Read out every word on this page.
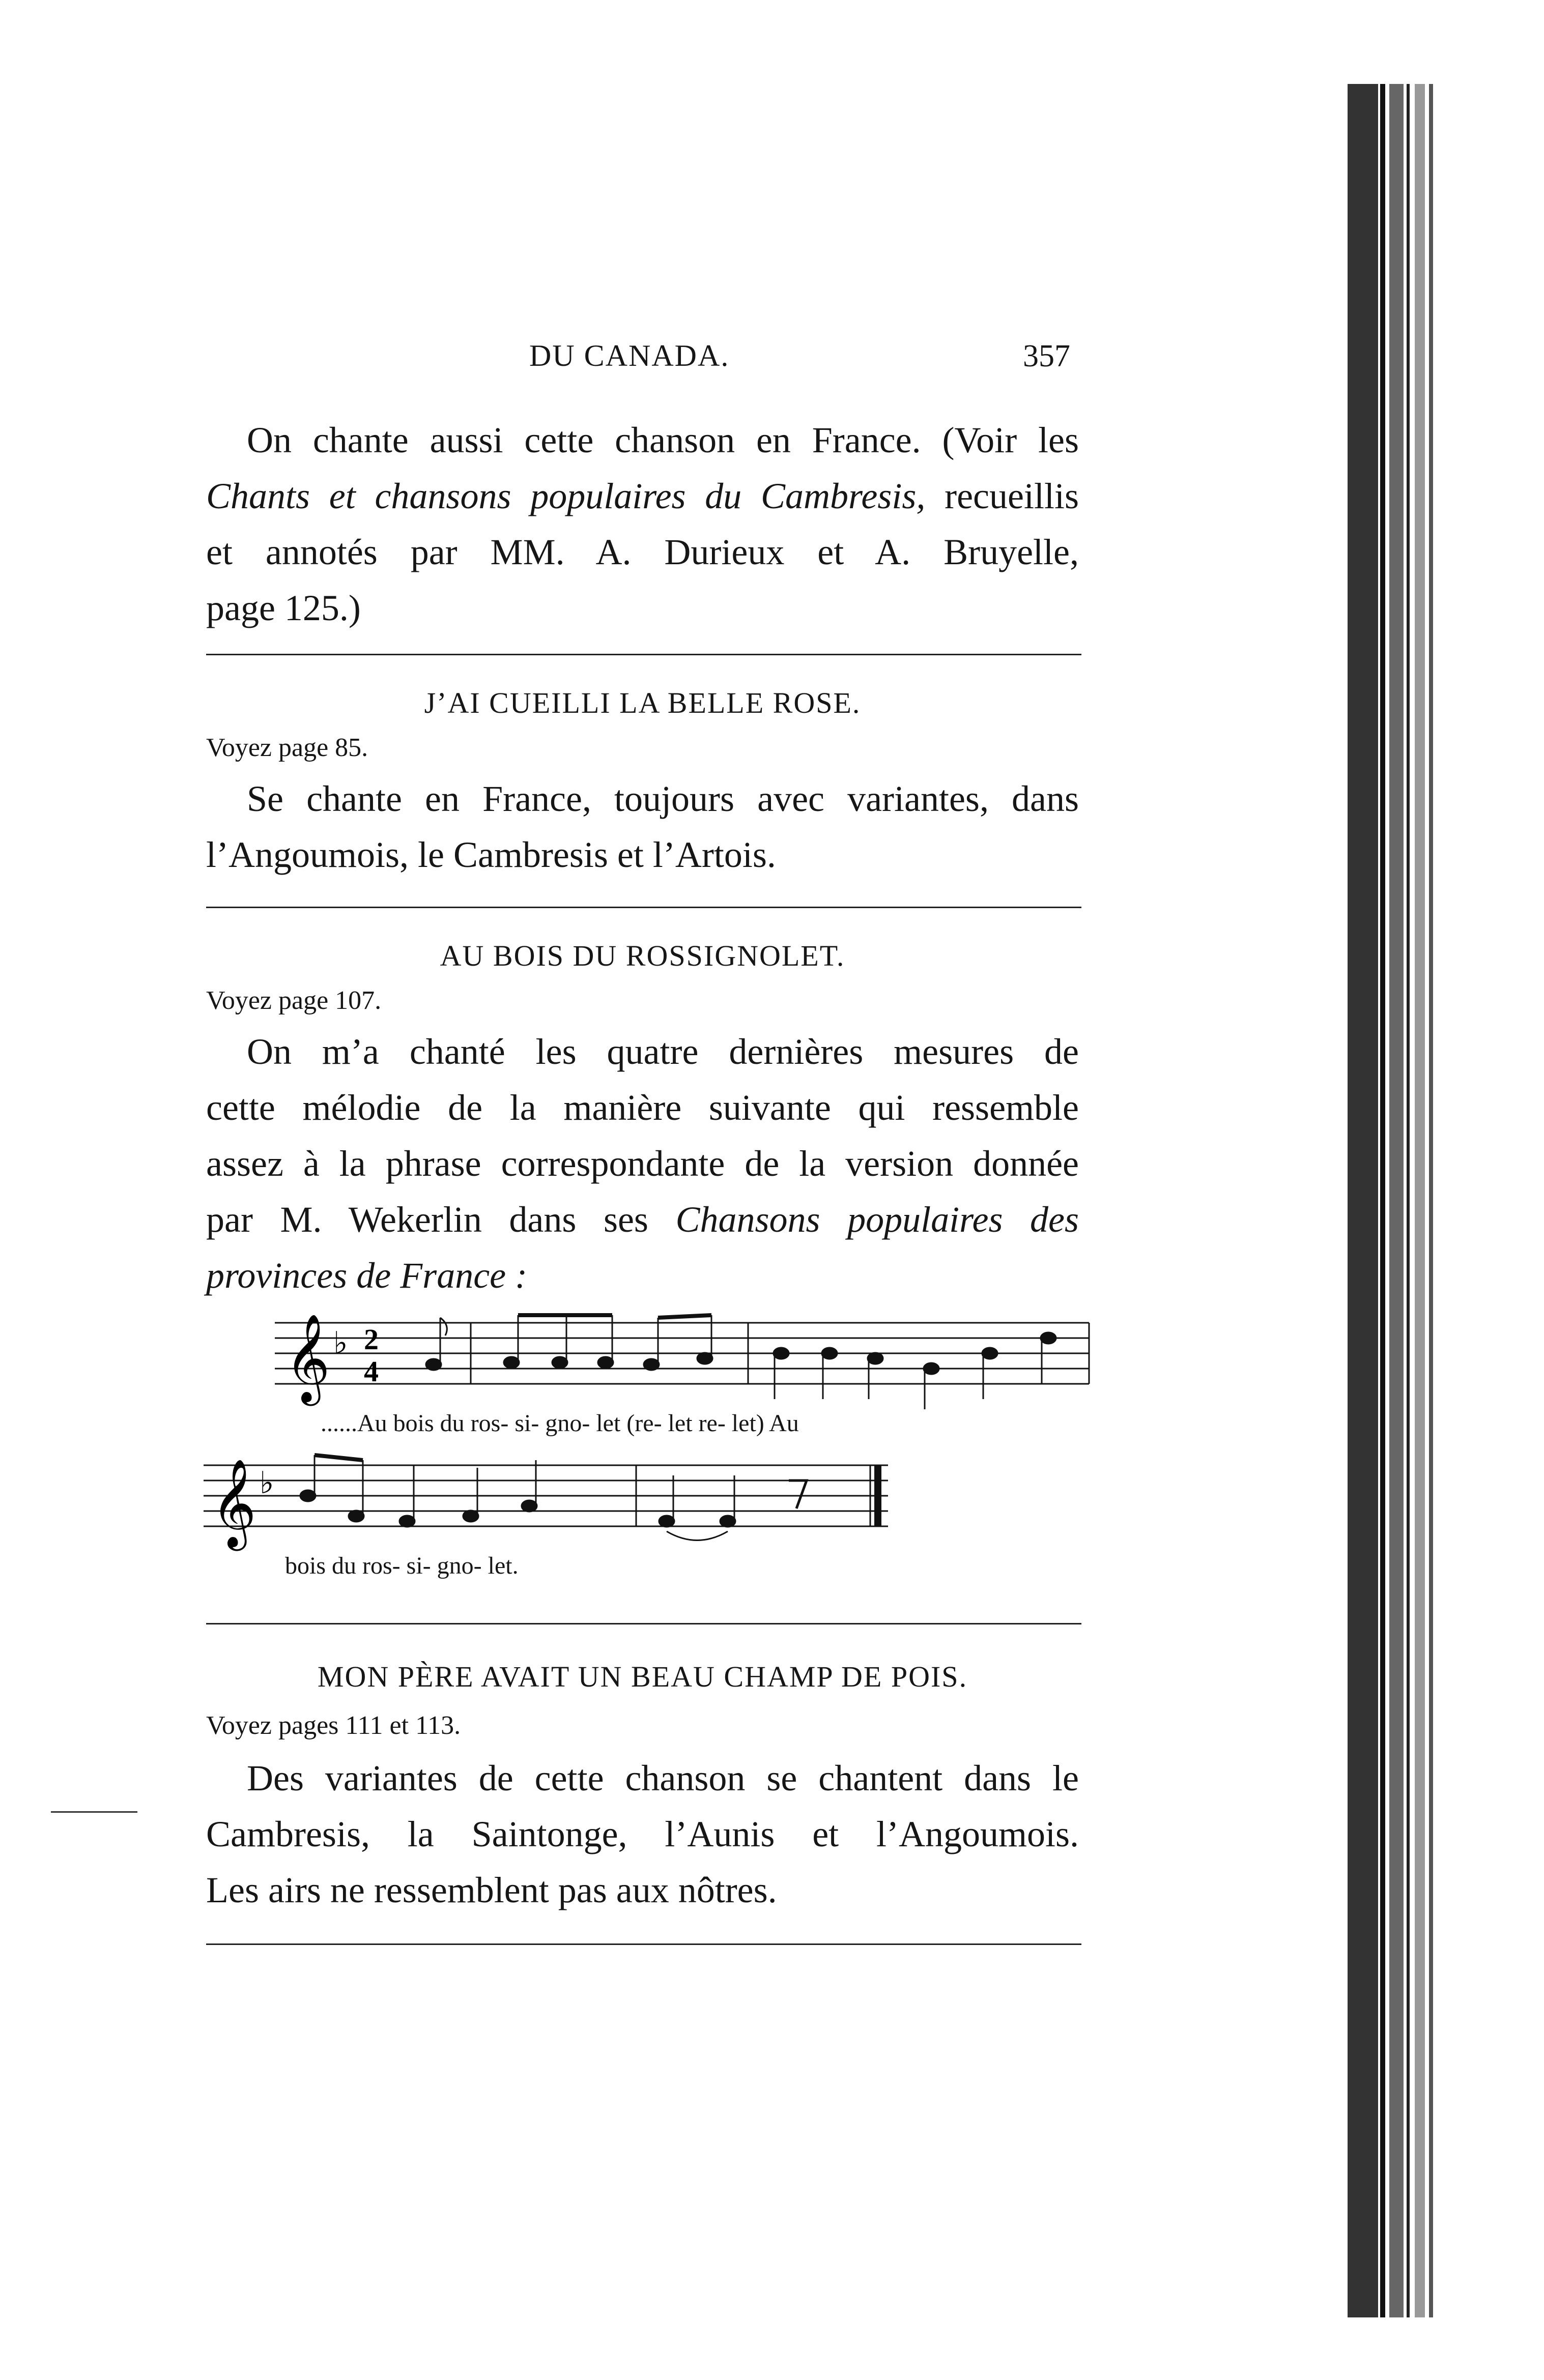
DU CANADA.	357
On chante aussi cette chanson en France. (Voir les
Chants et chansons populaires du Cambresis, recueillis
et annotés par MM. A. Durieux et A. Bruyelle,
page 125.)
J’AI CUEILLI LA BELLE ROSE.
Voyez page 85.
Se chante en France, toujours avec variantes, dans
l’Angoumois, le Cambresis et l’Artois.
AU BOIS DU ROSSIGNOLET.
Voyez page 107.
On m’a chanté les quatre dernières mesures de
cette mélodie de la manière suivante qui ressemble
assez à la phrase correspondante de la version donnée
par M. Wekerlin dans ses Chansons populaires des
provinces de France :
𝄞 ♭ 2
4
......Au bois du ros- si- gno- let (re- let re- let) Au
𝄞 ♭
bois du ros- si- gno- let.
MON PÈRE AVAIT UN BEAU CHAMP DE POIS.
Voyez pages 111 et 113.
Des variantes de cette chanson se chantent dans le
Cambresis, la Saintonge, l’Aunis et l’Angoumois.
Les airs ne ressemblent pas aux nôtres.
